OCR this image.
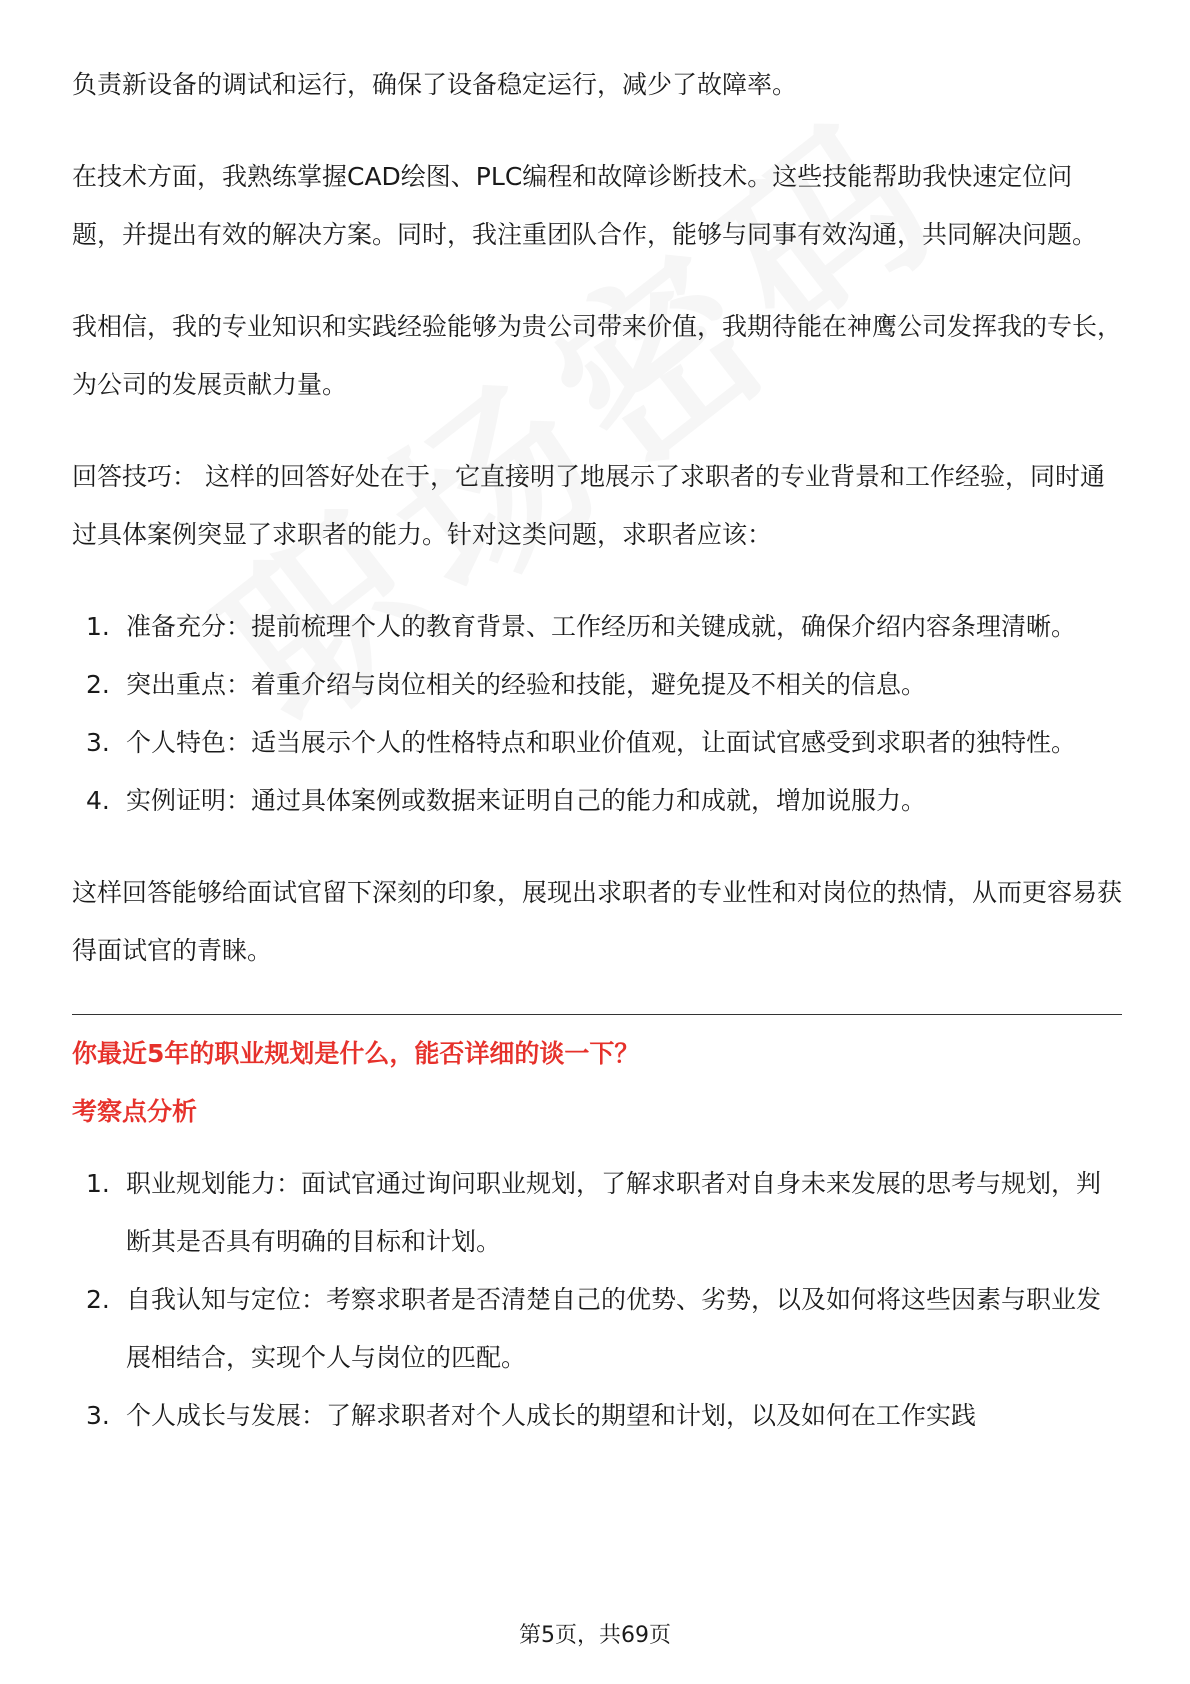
负责新设备的调试和运行，确保了设备稳定运行，减少了故障率。

在技术方面，我熟练掌握CAD绘图、PLC编程和故障诊断技术。这些技能帮助我快速定位问题，并提出有效的解决方案。同时，我注重团队合作，能够与同事有效沟通，共同解决问题。

我相信，我的专业知识和实践经验能够为贵公司带来价值，我期待能在神鹰公司发挥我的专长，为公司的发展贡献力量。

回答技巧： 这样的回答好处在于，它直接明了地展示了求职者的专业背景和工作经验，同时通过具体案例突显了求职者的能力。针对这类问题，求职者应该：

1. 准备充分：提前梳理个人的教育背景、工作经历和关键成就，确保介绍内容条理清晰。
2. 突出重点：着重介绍与岗位相关的经验和技能，避免提及不相关的信息。
3. 个人特色：适当展示个人的性格特点和职业价值观，让面试官感受到求职者的独特性。
4. 实例证明：通过具体案例或数据来证明自己的能力和成就，增加说服力。

这样回答能够给面试官留下深刻的印象，展现出求职者的专业性和对岗位的热情，从而更容易获得面试官的青睐。

你最近5年的职业规划是什么，能否详细的谈一下？

考察点分析

1. 职业规划能力：面试官通过询问职业规划，了解求职者对自身未来发展的思考与规划，判断其是否具有明确的目标和计划。
2. 自我认知与定位：考察求职者是否清楚自己的优势、劣势，以及如何将这些因素与职业发展相结合，实现个人与岗位的匹配。
3. 个人成长与发展：了解求职者对个人成长的期望和计划，以及如何在工作实践
第5页，共69页
